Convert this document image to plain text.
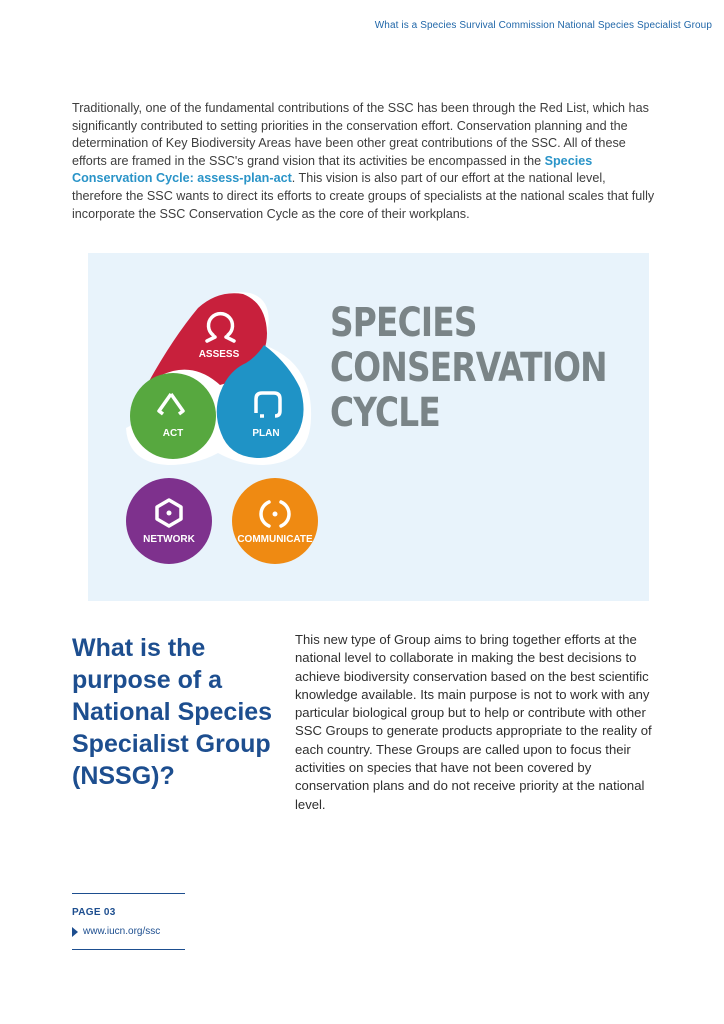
What is a Species Survival Commission National Species Specialist Group

Traditionally, one of the fundamental contributions of the SSC has been through the Red List, which has significantly contributed to setting priorities in the conservation effort. Conservation planning and the determination of Key Biodiversity Areas have been other great contributions of the SSC. All of these efforts are framed in the SSC's grand vision that its activities be encompassed in the Species Conservation Cycle: assess-plan-act. This vision is also part of our effort at the national level, therefore the SSC wants to direct its efforts to create groups of specialists at the national scales that fully incorporate the SSC Conservation Cycle as the core of their workplans.

ASSESS
ACT	PLAN
NETWORK	COMMUNICATE
SPECIES
CONSERVATION
CYCLE
What is the purpose of a National Species Specialist Group (NSSG)?

This new type of Group aims to bring together efforts at the national level to collaborate in making the best decisions to achieve biodiversity conservation based on the best scientific knowledge available. Its main purpose is not to work with any particular biological group but to help or contribute with other SSC Groups to generate products appropriate to the reality of each country. These Groups are called upon to focus their activities on species that have not been covered by conservation plans and do not receive priority at the national level.

PAGE 03
www.iucn.org/ssc
